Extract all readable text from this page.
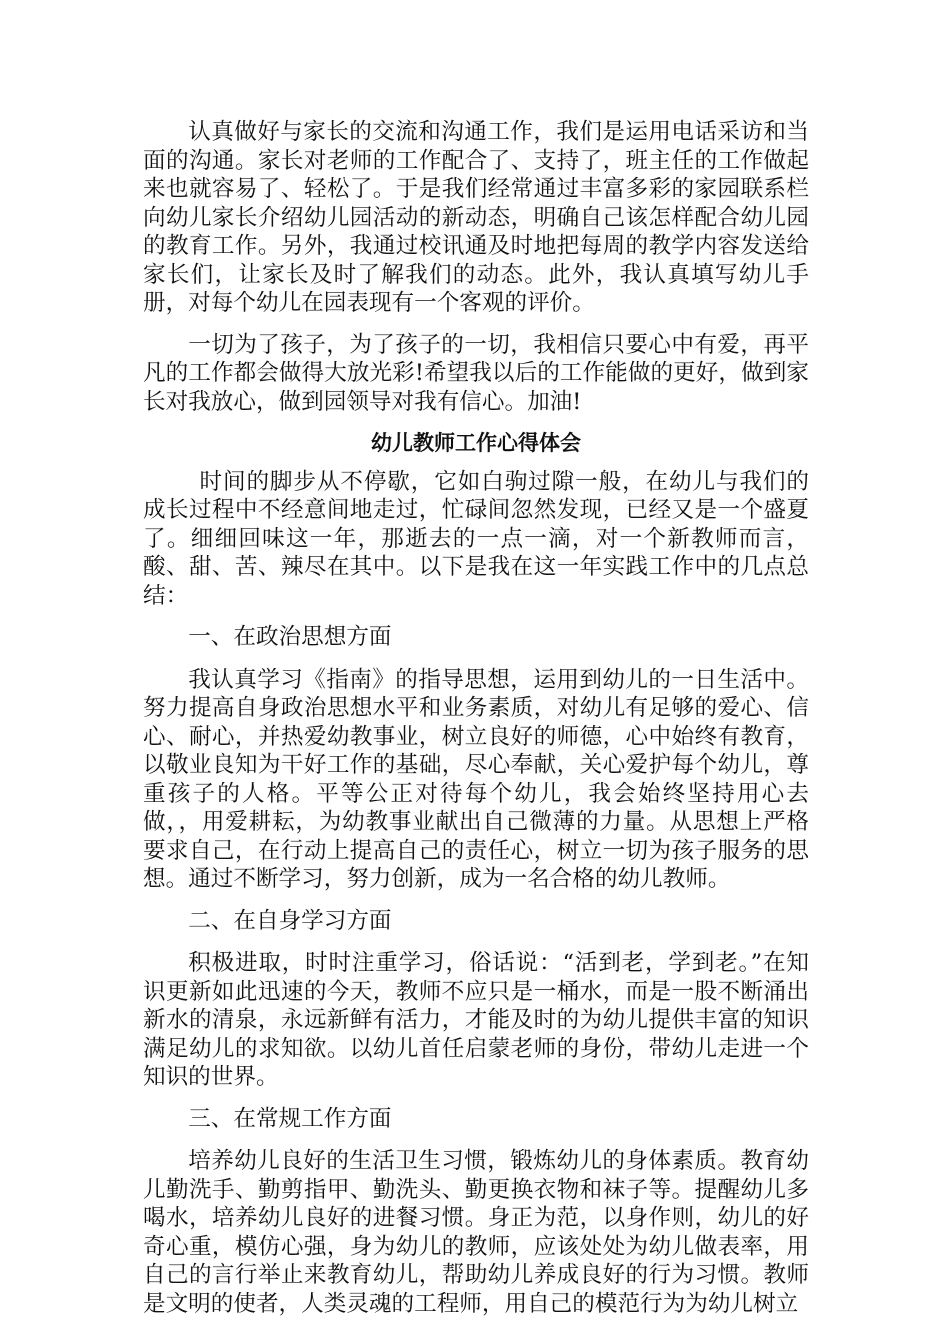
认真做好与家长的交流和沟通工作，我们是运用电话采访和当面的沟通。家长对老师的工作配合了、支持了，班主任的工作做起来也就容易了、轻松了。于是我们经常通过丰富多彩的家园联系栏向幼儿家长介绍幼儿园活动的新动态，明确自己该怎样配合幼儿园的教育工作。另外，我通过校讯通及时地把每周的教学内容发送给家长们，让家长及时了解我们的动态。此外，我认真填写幼儿手册，对每个幼儿在园表现有一个客观的评价。

一切为了孩子，为了孩子的一切，我相信只要心中有爱，再平凡的工作都会做得大放光彩!希望我以后的工作能做的更好，做到家长对我放心，做到园领导对我有信心。加油!

幼儿教师工作心得体会

时间的脚步从不停歇，它如白驹过隙一般，在幼儿与我们的成长过程中不经意间地走过，忙碌间忽然发现，已经又是一个盛夏了。细细回味这一年，那逝去的一点一滴，对一个新教师而言，酸、甜、苦、辣尽在其中。以下是我在这一年实践工作中的几点总结：

一、在政治思想方面

我认真学习《指南》的指导思想，运用到幼儿的一日生活中。努力提高自身政治思想水平和业务素质，对幼儿有足够的爱心、信心、耐心，并热爱幼教事业，树立良好的师德，心中始终有教育，以敬业良知为干好工作的基础，尽心奉献，关心爱护每个幼儿，尊重孩子的人格。平等公正对待每个幼儿，我会始终坚持用心去做，，用爱耕耘，为幼教事业献出自己微薄的力量。从思想上严格要求自己，在行动上提高自己的责任心，树立一切为孩子服务的思想。通过不断学习，努力创新，成为一名合格的幼儿教师。

二、在自身学习方面

积极进取，时时注重学习，俗话说：“活到老，学到老。”在知识更新如此迅速的今天，教师不应只是一桶水，而是一股不断涌出新水的清泉，永远新鲜有活力，才能及时的为幼儿提供丰富的知识满足幼儿的求知欲。以幼儿首任启蒙老师的身份，带幼儿走进一个知识的世界。

三、在常规工作方面

培养幼儿良好的生活卫生习惯，锻炼幼儿的身体素质。教育幼儿勤洗手、勤剪指甲、勤洗头、勤更换衣物和袜子等。提醒幼儿多喝水，培养幼儿良好的进餐习惯。身正为范，以身作则，幼儿的好奇心重，模仿心强，身为幼儿的教师，应该处处为幼儿做表率，用自己的言行举止来教育幼儿，帮助幼儿养成良好的行为习惯。教师是文明的使者，人类灵魂的工程师，用自己的模范行为为幼儿树立
